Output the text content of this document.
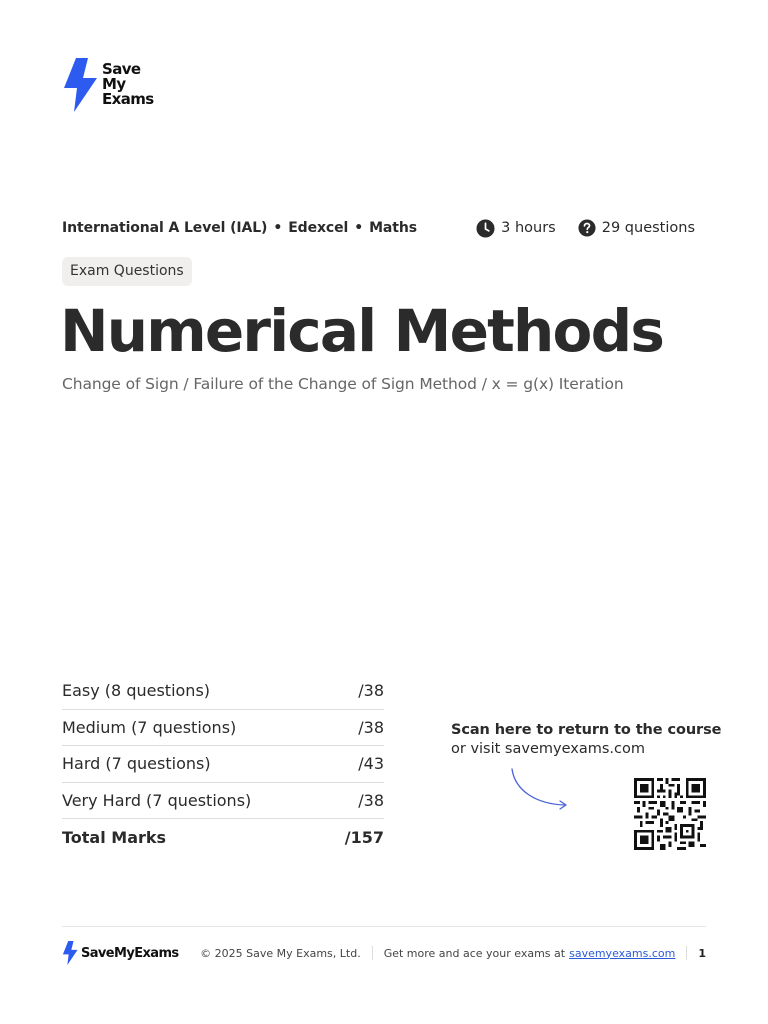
Save
My
Exams
International A Level (IAL) • Edexcel • Maths	3 hours	29 questions
Exam Questions
Numerical Methods
Change of Sign / Failure of the Change of Sign Method / x = g(x) Iteration
Easy (8 questions)	/38
Medium (7 questions)	/38
Hard (7 questions)	/43
Very Hard (7 questions)	/38
Total Marks	/157
Scan here to return to the course
or visit savemyexams.com
SaveMyExams © 2025 Save My Exams, Ltd. Get more and ace your exams at savemyexams.com 1
